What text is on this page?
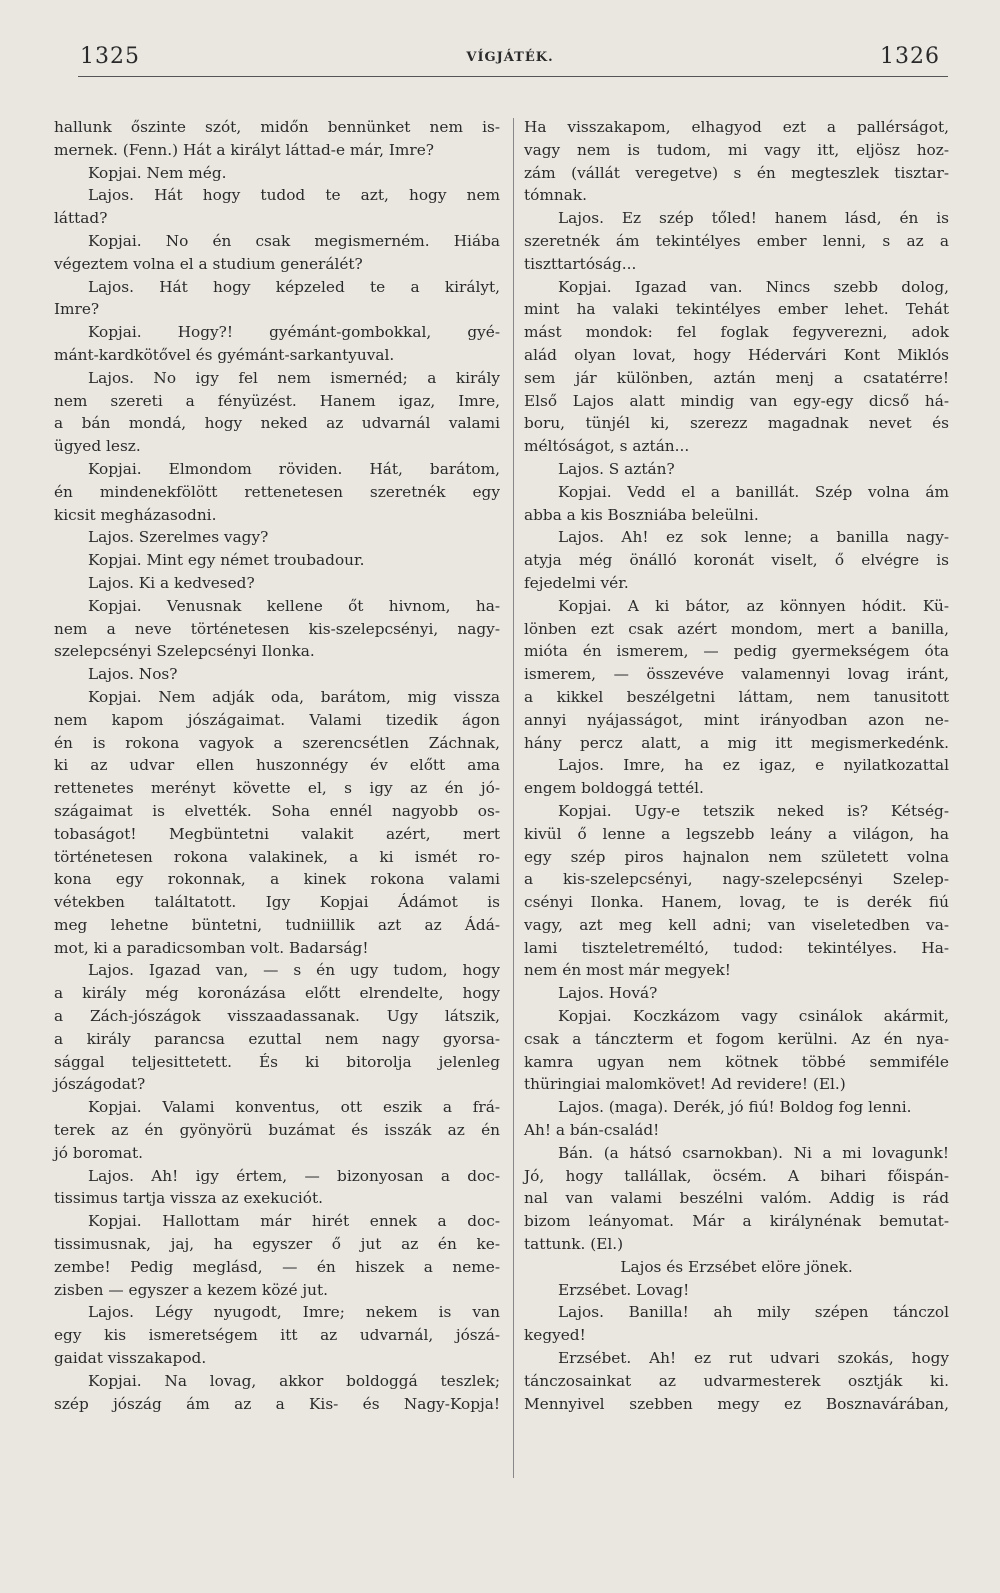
1325	VÍGJÁTÉK.	1326
hallunk őszinte szót, midőn bennünket nem is-
mernek. (Fenn.) Hát a királyt láttad-e már, Imre?
Kopjai. Nem még.
Lajos. Hát hogy tudod te azt, hogy nem
láttad?
Kopjai. No én csak megismerném. Hiába
végeztem volna el a studium generálét?
Lajos. Hát hogy képzeled te a királyt,
Imre?
Kopjai. Hogy?! gyémánt-gombokkal, gyé-
mánt-kardkötővel és gyémánt-sarkantyuval.
Lajos. No igy fel nem ismernéd; a király
nem szereti a fényüzést. Hanem igaz, Imre,
a bán mondá, hogy neked az udvarnál valami
ügyed lesz.
Kopjai. Elmondom röviden. Hát, barátom,
én mindenekfölött rettenetesen szeretnék egy
kicsit megházasodni.
Lajos. Szerelmes vagy?
Kopjai. Mint egy német troubadour.
Lajos. Ki a kedvesed?
Kopjai. Venusnak kellene őt hivnom, ha-
nem a neve történetesen kis-szelepcsényi, nagy-
szelepcsényi Szelepcsényi Ilonka.
Lajos. Nos?
Kopjai. Nem adják oda, barátom, mig vissza
nem kapom jószágaimat. Valami tizedik ágon
én is rokona vagyok a szerencsétlen Záchnak,
ki az udvar ellen huszonnégy év előtt ama
rettenetes merényt követte el, s igy az én jó-
szágaimat is elvették. Soha ennél nagyobb os-
tobaságot! Megbüntetni valakit azért, mert
történetesen rokona valakinek, a ki ismét ro-
kona egy rokonnak, a kinek rokona valami
vétekben találtatott. Igy Kopjai Ádámot is
meg lehetne büntetni, tudniillik azt az Ádá-
mot, ki a paradicsomban volt. Badarság!
Lajos. Igazad van, — s én ugy tudom, hogy
a király még koronázása előtt elrendelte, hogy
a Zách-jószágok visszaadassanak. Ugy látszik,
a király parancsa ezuttal nem nagy gyorsa-
sággal teljesittetett. És ki bitorolja jelenleg
jószágodat?
Kopjai. Valami konventus, ott eszik a frá-
terek az én gyönyörü buzámat és isszák az én
jó boromat.
Lajos. Ah! igy értem, — bizonyosan a doc-
tissimus tartja vissza az exekuciót.
Kopjai. Hallottam már hirét ennek a doc-
tissimusnak, jaj, ha egyszer ő jut az én ke-
zembe! Pedig meglásd, — én hiszek a neme-
zisben — egyszer a kezem közé jut.
Lajos. Légy nyugodt, Imre; nekem is van
egy kis ismeretségem itt az udvarnál, jószá-
gaidat visszakapod.
Kopjai. Na lovag, akkor boldoggá teszlek;
szép jószág ám az a Kis- és Nagy-Kopja!
Ha visszakapom, elhagyod ezt a pallérságot,
vagy nem is tudom, mi vagy itt, eljösz hoz-
zám (vállát veregetve) s én megteszlek tisztar-
tómnak.
Lajos. Ez szép tőled! hanem lásd, én is
szeretnék ám tekintélyes ember lenni, s az a
tiszttartóság...
Kopjai. Igazad van. Nincs szebb dolog,
mint ha valaki tekintélyes ember lehet. Tehát
mást mondok: fel foglak fegyverezni, adok
alád olyan lovat, hogy Hédervári Kont Miklós
sem jár különben, aztán menj a csatatérre!
Első Lajos alatt mindig van egy-egy dicső há-
boru, tünjél ki, szerezz magadnak nevet és
méltóságot, s aztán...
Lajos. S aztán?
Kopjai. Vedd el a banillát. Szép volna ám
abba a kis Boszniába beleülni.
Lajos. Ah! ez sok lenne; a banilla nagy-
atyja még önálló koronát viselt, ő elvégre is
fejedelmi vér.
Kopjai. A ki bátor, az könnyen hódit. Kü-
lönben ezt csak azért mondom, mert a banilla,
mióta én ismerem, — pedig gyermekségem óta
ismerem, — összevéve valamennyi lovag iránt,
a kikkel beszélgetni láttam, nem tanusitott
annyi nyájasságot, mint irányodban azon ne-
hány percz alatt, a mig itt megismerkedénk.
Lajos. Imre, ha ez igaz, e nyilatkozattal
engem boldoggá tettél.
Kopjai. Ugy-e tetszik neked is? Kétség-
kivül ő lenne a legszebb leány a világon, ha
egy szép piros hajnalon nem született volna
a kis-szelepcsényi, nagy-szelepcsényi Szelep-
csényi Ilonka. Hanem, lovag, te is derék fiú
vagy, azt meg kell adni; van viseletedben va-
lami tiszteletreméltó, tudod: tekintélyes. Ha-
nem én most már megyek!
Lajos. Hová?
Kopjai. Koczkázom vagy csinálok akármit,
csak a tánczterm et fogom kerülni. Az én nya-
kamra ugyan nem kötnek többé semmiféle
thüringiai malomkövet! Ad revidere! (El.)
Lajos. (maga). Derék, jó fiú! Boldog fog lenni.
Ah! a bán-család!
Bán. (a hátsó csarnokban). Ni a mi lovagunk!
Jó, hogy tallállak, öcsém. A bihari főispán-
nal van valami beszélni valóm. Addig is rád
bizom leányomat. Már a királynénak bemutat-
tattunk. (El.)
Lajos és Erzsébet elöre jönek.
Erzsébet. Lovag!
Lajos. Banilla! ah mily szépen tánczol
kegyed!
Erzsébet. Ah! ez rut udvari szokás, hogy
tánczosainkat az udvarmesterek osztják ki.
Mennyivel szebben megy ez Bosznavárában,
